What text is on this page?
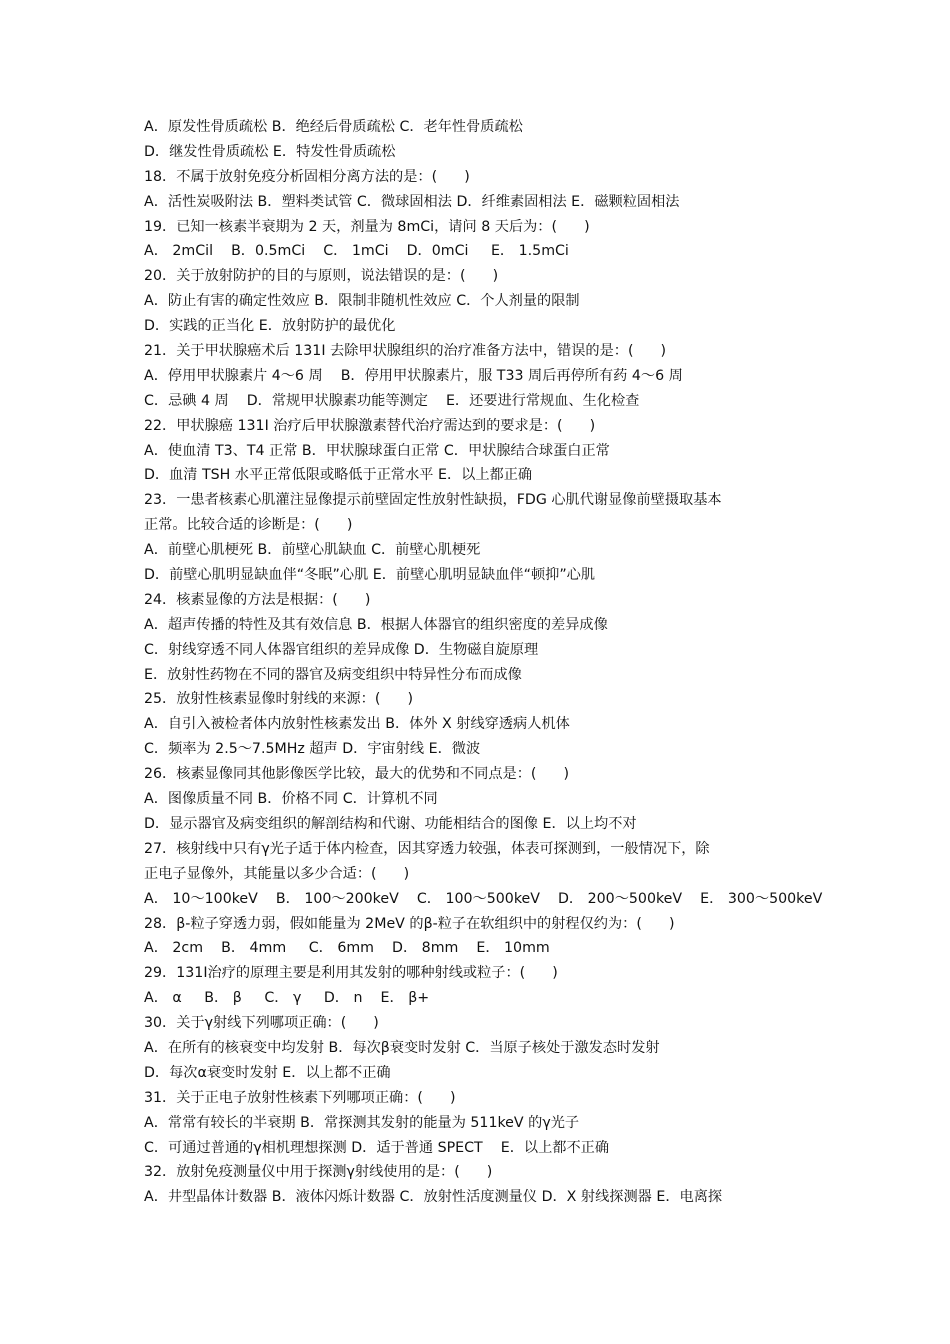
A．原发性骨质疏松 B．绝经后骨质疏松 C．老年性骨质疏松
D．继发性骨质疏松 E．特发性骨质疏松
18．不属于放射免疫分析固相分离方法的是：(      )
A．活性炭吸附法 B．塑料类试管 C．微球固相法 D．纤维素固相法 E．磁颗粒固相法
19．已知一核素半衰期为 2 天，剂量为 8mCi，请问 8 天后为：(      )
A． 2mCil    B．0.5mCi    C． 1mCi    D．0mCi     E． 1.5mCi
20．关于放射防护的目的与原则，说法错误的是：(      )
A．防止有害的确定性效应 B．限制非随机性效应 C．个人剂量的限制
D．实践的正当化 E．放射防护的最优化
21．关于甲状腺癌术后 131I 去除甲状腺组织的治疗准备方法中，错误的是：(      )
A．停用甲状腺素片 4～6 周    B．停用甲状腺素片，服 T33 周后再停所有药 4～6 周
C．忌碘 4 周    D．常规甲状腺素功能等测定    E．还要进行常规血、生化检查
22．甲状腺癌 131I 治疗后甲状腺激素替代治疗需达到的要求是：(      )
A．使血清 T3、T4 正常 B．甲状腺球蛋白正常 C．甲状腺结合球蛋白正常
D．血清 TSH 水平正常低限或略低于正常水平 E．以上都正确
23．一患者核素心肌灌注显像提示前壁固定性放射性缺损，FDG 心肌代谢显像前壁摄取基本
正常。比较合适的诊断是：(      )
A．前壁心肌梗死 B．前壁心肌缺血 C．前壁心肌梗死
D．前壁心肌明显缺血伴“冬眠”心肌 E．前壁心肌明显缺血伴“顿抑”心肌
24．核素显像的方法是根据：(      )
A．超声传播的特性及其有效信息 B．根据人体器官的组织密度的差异成像
C．射线穿透不同人体器官组织的差异成像 D．生物磁自旋原理
E．放射性药物在不同的器官及病变组织中特异性分布而成像
25．放射性核素显像时射线的来源：(      )
A．自引入被检者体内放射性核素发出 B．体外 X 射线穿透病人机体
C．频率为 2.5～7.5MHz 超声 D．宇宙射线 E．微波
26．核素显像同其他影像医学比较，最大的优势和不同点是：(      )
A．图像质量不同 B．价格不同 C．计算机不同
D．显示器官及病变组织的解剖结构和代谢、功能相结合的图像 E．以上均不对
27．核射线中只有γ光子适于体内检查，因其穿透力较强，体表可探测到，一般情况下，除
正电子显像外，其能量以多少合适：(      )
A． 10～100keV    B． 100～200keV    C． 100～500keV    D． 200～500keV    E． 300～500keV
28．β-粒子穿透力弱，假如能量为 2MeV 的β-粒子在软组织中的射程仅约为：(      )
A． 2cm    B． 4mm     C． 6mm    D． 8mm    E． 10mm
29．131Ⅰ治疗的原理主要是利用其发射的哪种射线或粒子：(      )
A． α     B． β     C． γ     D． n    E． β+
30．关于γ射线下列哪项正确：(      )
A．在所有的核衰变中均发射 B．每次β衰变时发射 C．当原子核处于激发态时发射
D．每次α衰变时发射 E．以上都不正确
31．关于正电子放射性核素下列哪项正确：(      )
A．常常有较长的半衰期 B．常探测其发射的能量为 511keV 的γ光子
C．可通过普通的γ相机理想探测 D．适于普通 SPECT    E．以上都不正确
32．放射免疫测量仪中用于探测γ射线使用的是：(      )
A．井型晶体计数器 B．液体闪烁计数器 C．放射性活度测量仪 D．X 射线探测器 E．电离探
